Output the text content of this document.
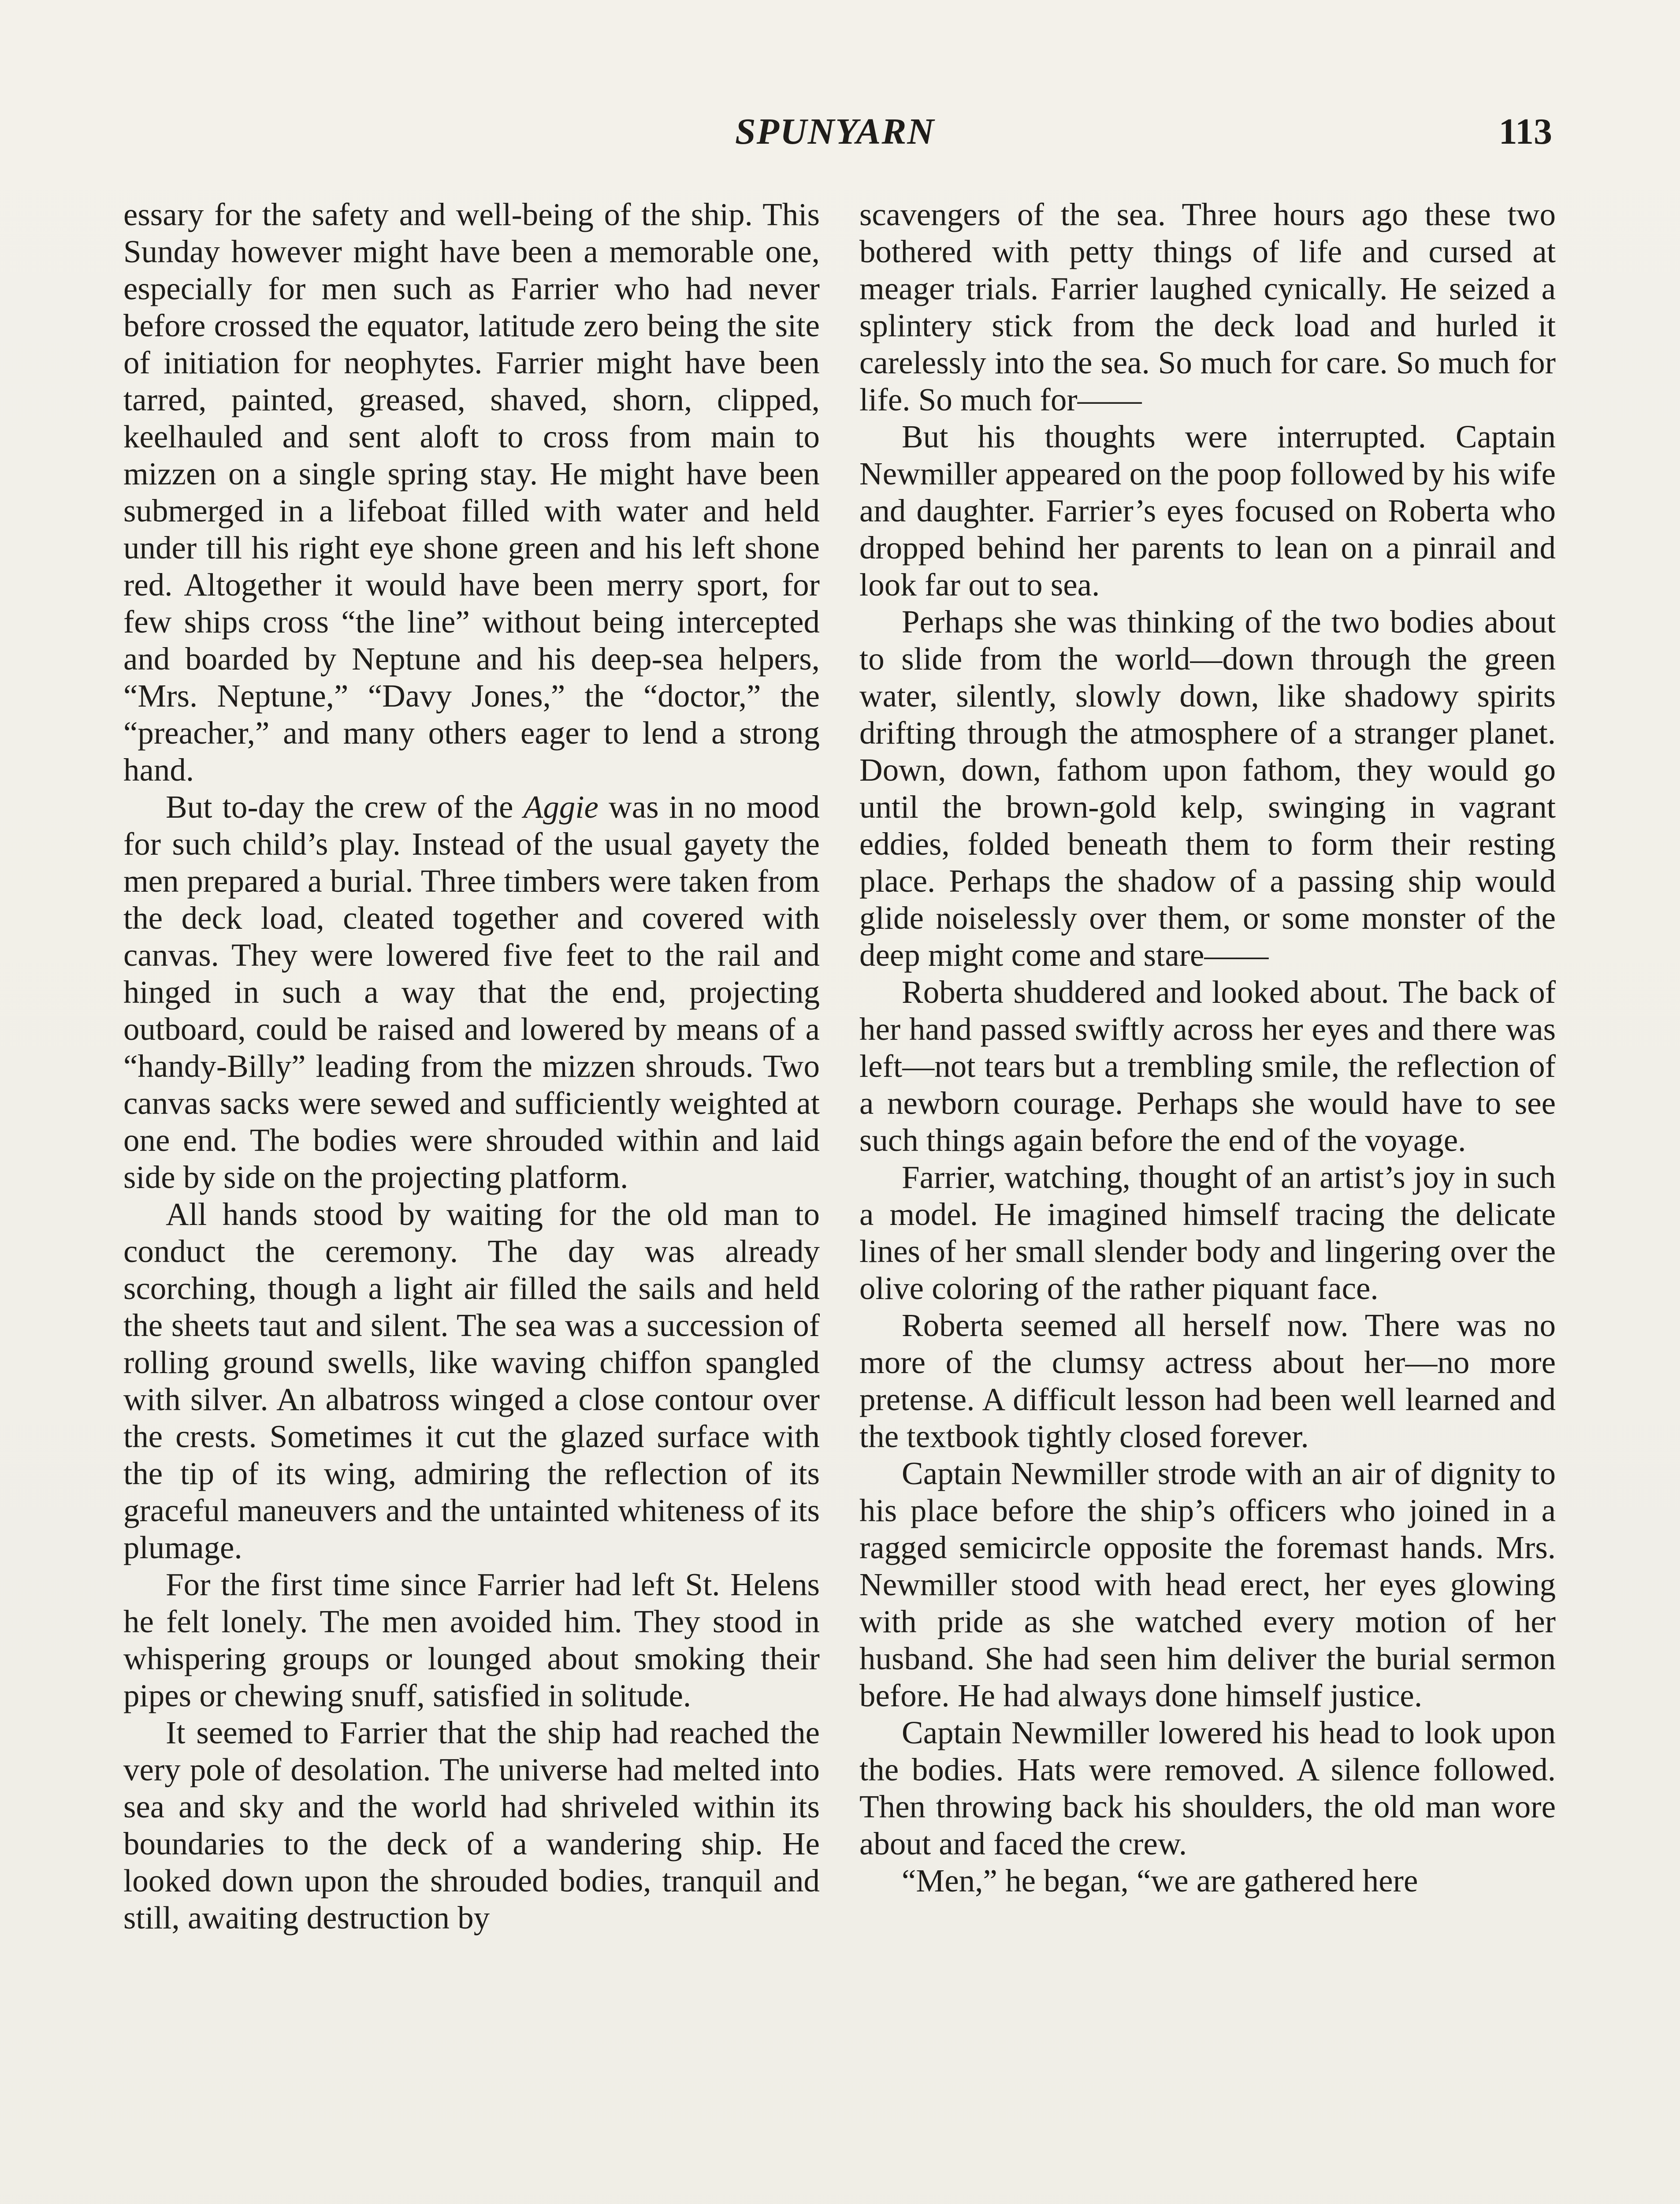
SPUNYARN	113

essary for the safety and well-being of the ship. This Sunday however might have been a memorable one, especially for men such as Farrier who had never before crossed the equator, latitude zero being the site of initiation for neophytes. Farrier might have been tarred, painted, greased, shaved, shorn, clipped, keelhauled and sent aloft to cross from main to mizzen on a single spring stay. He might have been submerged in a lifeboat filled with water and held under till his right eye shone green and his left shone red. Altogether it would have been merry sport, for few ships cross “the line” without being intercepted and boarded by Neptune and his deep-sea helpers, “Mrs. Neptune,” “Davy Jones,” the “doctor,” the “preacher,” and many others eager to lend a strong hand.

But to-day the crew of the Aggie was in no mood for such child’s play. Instead of the usual gayety the men prepared a burial. Three timbers were taken from the deck load, cleated together and covered with canvas. They were lowered five feet to the rail and hinged in such a way that the end, projecting outboard, could be raised and lowered by means of a “handy-Billy” leading from the mizzen shrouds. Two canvas sacks were sewed and sufficiently weighted at one end. The bodies were shrouded within and laid side by side on the projecting platform.

All hands stood by waiting for the old man to conduct the ceremony. The day was already scorching, though a light air filled the sails and held the sheets taut and silent. The sea was a succession of rolling ground swells, like waving chiffon spangled with silver. An albatross winged a close contour over the crests. Sometimes it cut the glazed surface with the tip of its wing, admiring the reflection of its graceful maneuvers and the untainted whiteness of its plumage.

For the first time since Farrier had left St. Helens he felt lonely. The men avoided him. They stood in whispering groups or lounged about smoking their pipes or chewing snuff, satisfied in solitude.

It seemed to Farrier that the ship had reached the very pole of desolation. The universe had melted into sea and sky and the world had shriveled within its boundaries to the deck of a wandering ship. He looked down upon the shrouded bodies, tranquil and still, awaiting destruction by

scavengers of the sea. Three hours ago these two bothered with petty things of life and cursed at meager trials. Farrier laughed cynically. He seized a splintery stick from the deck load and hurled it carelessly into the sea. So much for care. So much for life. So much for——

But his thoughts were interrupted. Captain Newmiller appeared on the poop followed by his wife and daughter. Farrier’s eyes focused on Roberta who dropped behind her parents to lean on a pinrail and look far out to sea.

Perhaps she was thinking of the two bodies about to slide from the world—down through the green water, silently, slowly down, like shadowy spirits drifting through the atmosphere of a stranger planet. Down, down, fathom upon fathom, they would go until the brown-gold kelp, swinging in vagrant eddies, folded beneath them to form their resting place. Perhaps the shadow of a passing ship would glide noiselessly over them, or some monster of the deep might come and stare——

Roberta shuddered and looked about. The back of her hand passed swiftly across her eyes and there was left—not tears but a trembling smile, the reflection of a newborn courage. Perhaps she would have to see such things again before the end of the voyage.

Farrier, watching, thought of an artist’s joy in such a model. He imagined himself tracing the delicate lines of her small slender body and lingering over the olive coloring of the rather piquant face.

Roberta seemed all herself now. There was no more of the clumsy actress about her—no more pretense. A difficult lesson had been well learned and the textbook tightly closed forever.

Captain Newmiller strode with an air of dignity to his place before the ship’s officers who joined in a ragged semicircle opposite the foremast hands. Mrs. Newmiller stood with head erect, her eyes glowing with pride as she watched every motion of her husband. She had seen him deliver the burial sermon before. He had always done himself justice.

Captain Newmiller lowered his head to look upon the bodies. Hats were removed. A silence followed. Then throwing back his shoulders, the old man wore about and faced the crew.

“Men,” he began, “we are gathered here
